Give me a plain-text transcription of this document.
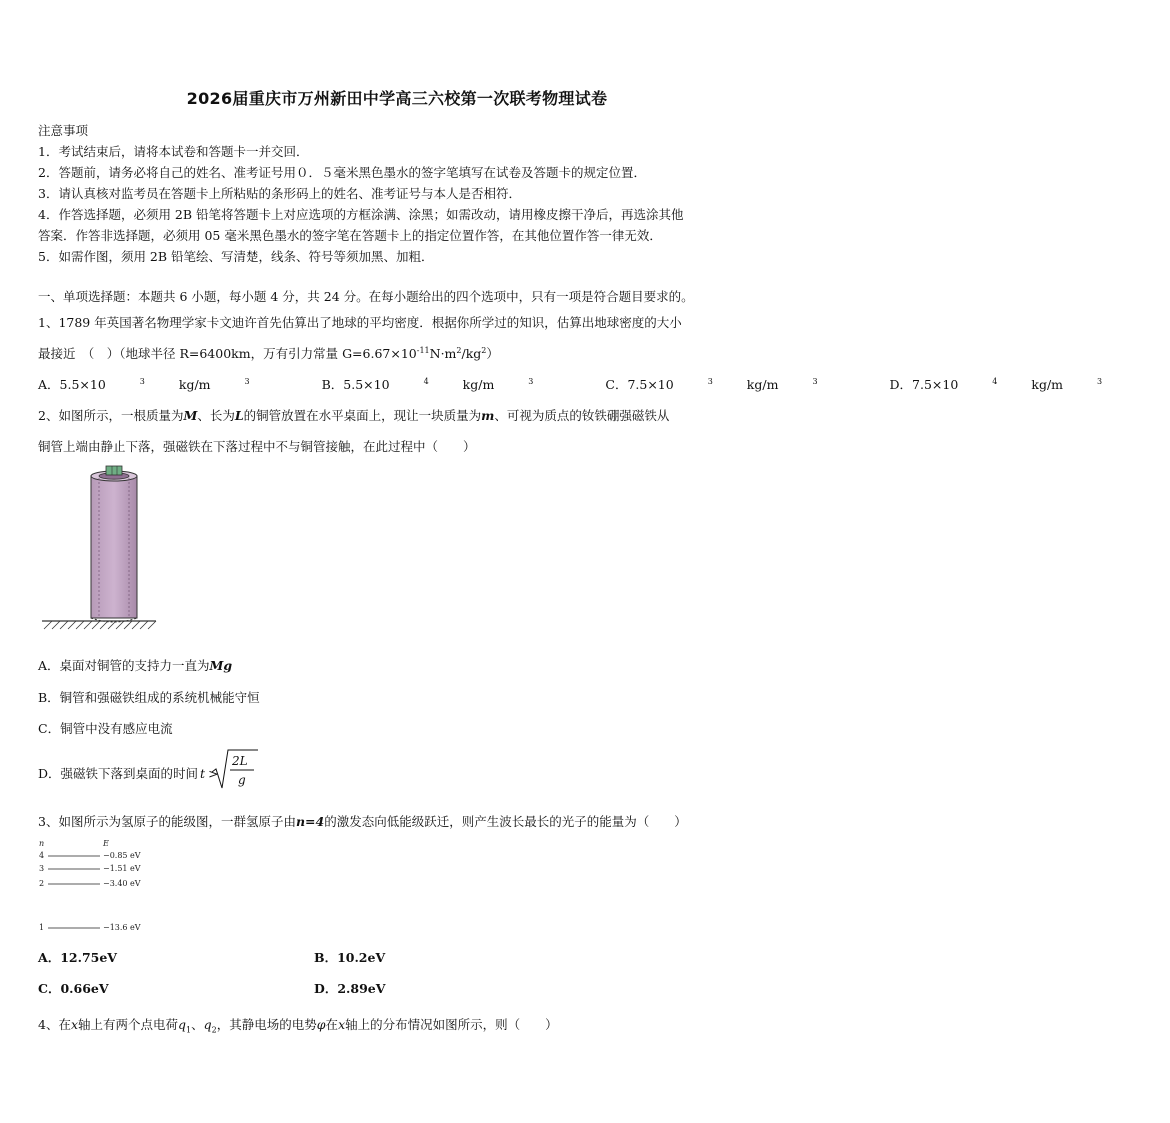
2026届重庆市万州新田中学高三六校第一次联考物理试卷
注意事项
1．考试结束后，请将本试卷和答题卡一并交回．
2．答题前，请务必将自己的姓名、准考证号用０．５毫米黑色墨水的签字笔填写在试卷及答题卡的规定位置．
3．请认真核对监考员在答题卡上所粘贴的条形码上的姓名、准考证号与本人是否相符．
4．作答选择题，必须用 2B 铅笔将答题卡上对应选项的方框涂满、涂黑；如需改动，请用橡皮擦干净后，再选涂其他
答案．作答非选择题，必须用 05 毫米黑色墨水的签字笔在答题卡上的指定位置作答，在其他位置作答一律无效．
5．如需作图，须用 2B 铅笔绘、写清楚，线条、符号等须加黑、加粗．
一、单项选择题：本题共 6 小题，每小题 4 分，共 24 分。在每小题给出的四个选项中，只有一项是符合题目要求的。
1、1789 年英国著名物理学家卡文迪许首先估算出了地球的平均密度．根据你所学过的知识，估算出地球密度的大小
最接近　（　）（地球半径 R=6400km，万有引力常量 $G=6.67\times 10^{-11}N\cdot m^2/kg^2$）
A．5.5×10	3	kg/m	3	B．5.5×10	4	kg/m	3	C．7.5×10	3	kg/m	3	D．7.5×10	4	kg/m	3
2、如图所示，一根质量为M、长为L的铜管放置在水平桌面上，现让一块质量为m、可视为质点的钕铁硼强磁铁从
铜管上端由静止下落，强磁铁在下落过程中不与铜管接触，在此过程中（　　）
A．桌面对铜管的支持力一直为Mg
B．铜管和强磁铁组成的系统机械能守恒
C．铜管中没有感应电流
D．强磁铁下落到桌面的时间 t >
2L
g
3、如图所示为氢原子的能级图，一群氢原子由n=4的激发态向低能级跃迁，则产生波长最长的光子的能量为（　　）
n	E
4	−0.85 eV
3	−1.51 eV
2	−3.40 eV
1	−13.6 eV
A．12.75eV	B．10.2eV
C．0.66eV	D．2.89eV
4、在x轴上有两个点电荷$q_1$、$q_2$，其静电场的电势φ在x轴上的分布情况如图所示，则（　　）
